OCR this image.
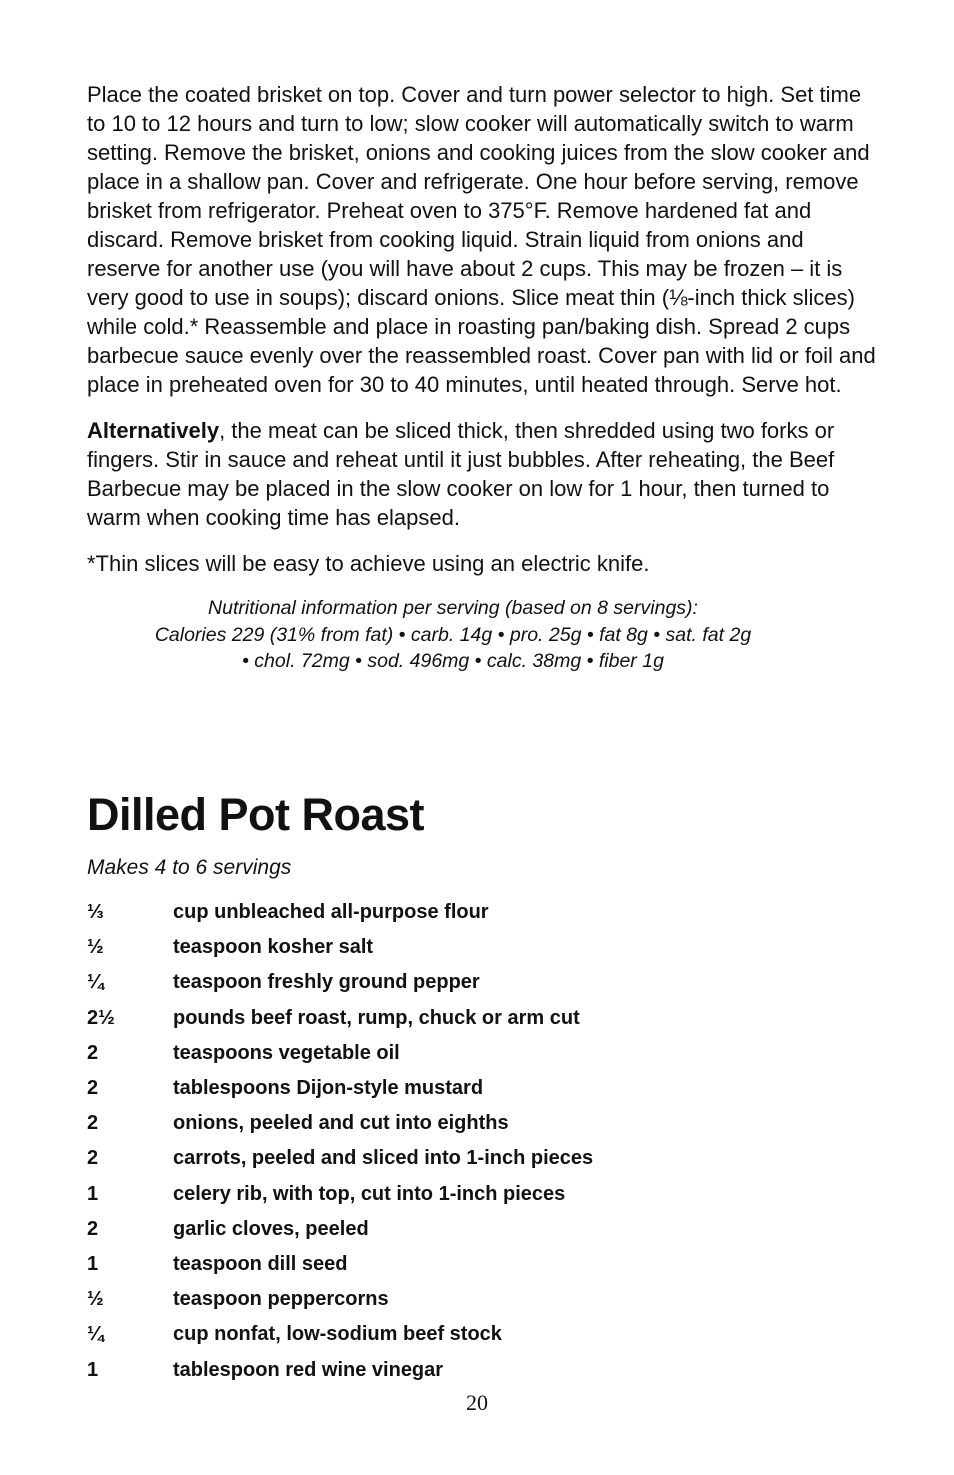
Place the coated brisket on top. Cover and turn power selector to high. Set time to 10 to 12 hours and turn to low; slow cooker will automatically switch to warm setting. Remove the brisket, onions and cooking juices from the slow cooker and place in a shallow pan. Cover and refrigerate. One hour before serving, remove brisket from refrigerator. Preheat oven to 375°F. Remove hardened fat and discard. Remove brisket from cooking liquid. Strain liquid from onions and reserve for another use (you will have about 2 cups. This may be frozen – it is very good to use in soups); discard onions. Slice meat thin (⅛-inch thick slices) while cold.* Reassemble and place in roasting pan/baking dish. Spread 2 cups barbecue sauce evenly over the reassembled roast. Cover pan with lid or foil and place in preheated oven for 30 to 40 minutes, until heated through. Serve hot.

Alternatively, the meat can be sliced thick, then shredded using two forks or fingers. Stir in sauce and reheat until it just bubbles. After reheating, the Beef Barbecue may be placed in the slow cooker on low for 1 hour, then turned to warm when cooking time has elapsed.

*Thin slices will be easy to achieve using an electric knife.

Nutritional information per serving (based on 8 servings):
Calories 229 (31% from fat) • carb. 14g • pro. 25g • fat 8g • sat. fat 2g
• chol. 72mg • sod. 496mg • calc. 38mg • fiber 1g
Dilled Pot Roast

Makes 4 to 6 servings

⅓	cup unbleached all-purpose flour
½	teaspoon kosher salt
¼	teaspoon freshly ground pepper
2½	pounds beef roast, rump, chuck or arm cut
2	teaspoons vegetable oil
2	tablespoons Dijon-style mustard
2	onions, peeled and cut into eighths
2	carrots, peeled and sliced into 1-inch pieces
1	celery rib, with top, cut into 1-inch pieces
2	garlic cloves, peeled
1	teaspoon dill seed
½	teaspoon peppercorns
¼	cup nonfat, low-sodium beef stock
1	tablespoon red wine vinegar
20
